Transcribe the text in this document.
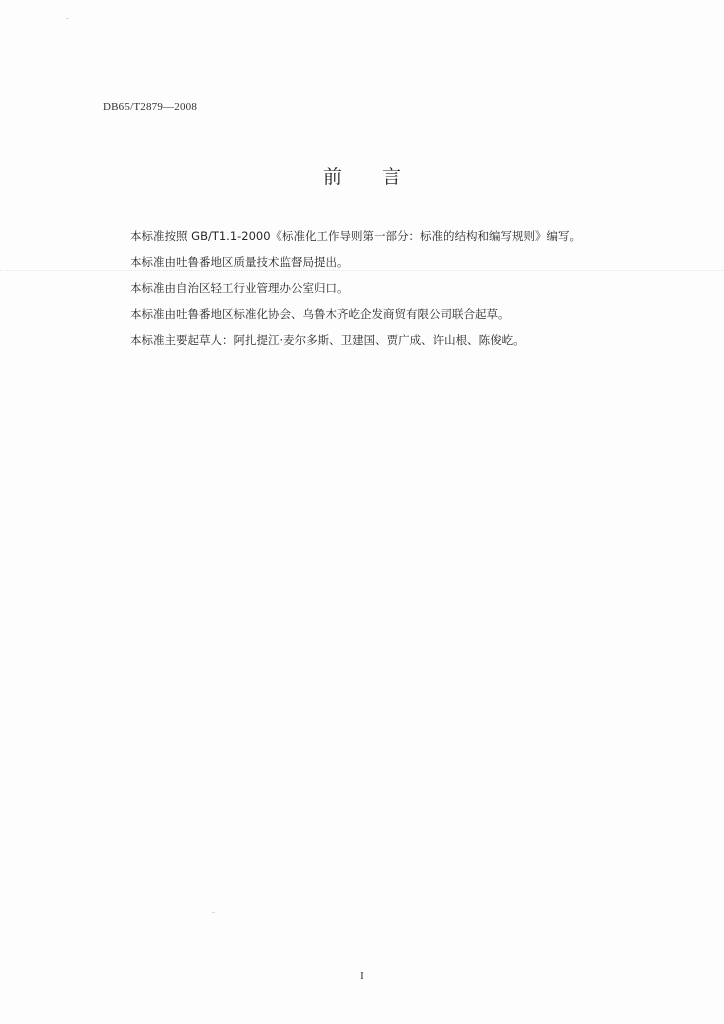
DB65/T2879—2008
前言
本标准按照 GB/T1.1-2000《标准化工作导则第一部分：标准的结构和编写规则》编写。
本标准由吐鲁番地区质量技术监督局提出。
本标准由自治区轻工行业管理办公室归口。
本标准由吐鲁番地区标准化协会、乌鲁木齐屹企发商贸有限公司联合起草。
本标准主要起草人：阿扎提江·麦尔多斯、卫建国、贾广成、许山根、陈俊屹。
I
